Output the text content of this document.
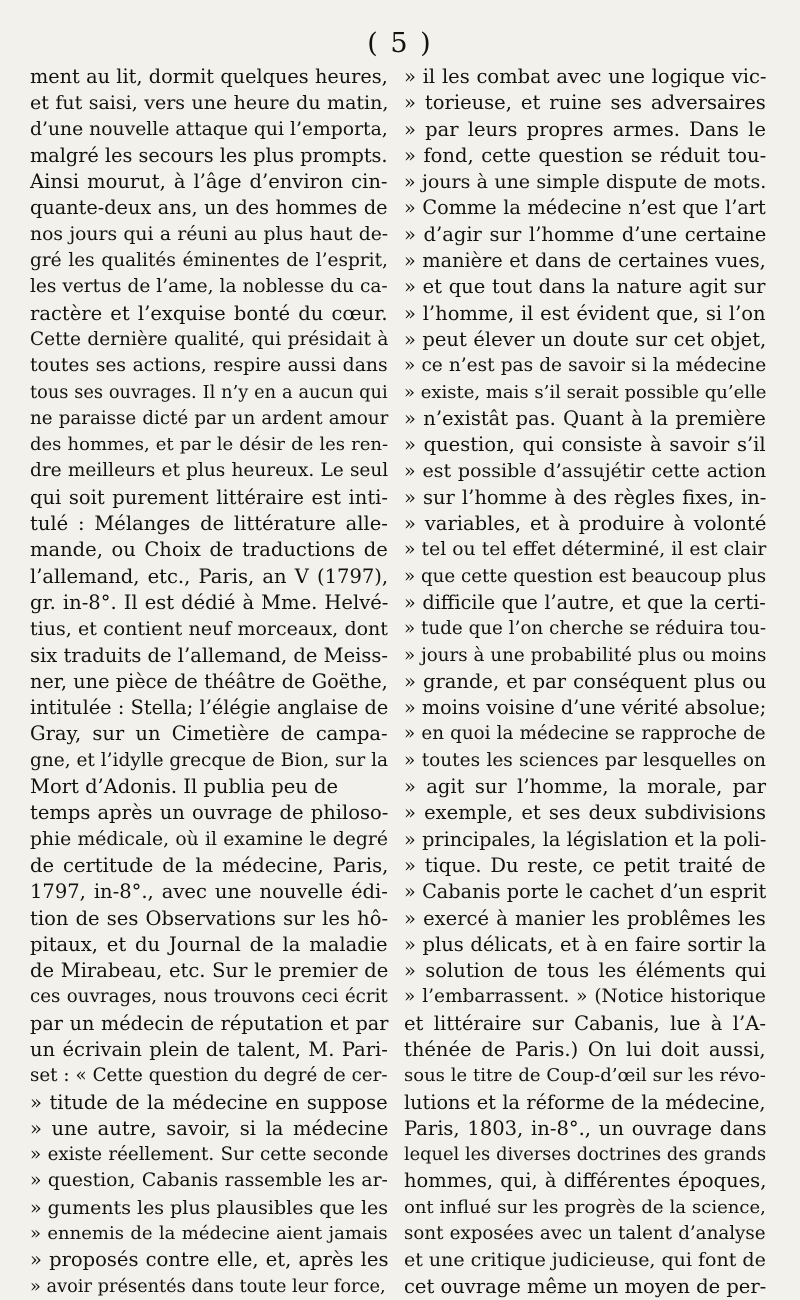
( 5 )
ment au lit, dormit quelques heures,
et fut saisi, vers une heure du matin,
d’une nouvelle attaque qui l’emporta,
malgré les secours les plus prompts.
Ainsi mourut, à l’âge d’environ cin-
quante-deux ans, un des hommes de
nos jours qui a réuni au plus haut de-
gré les qualités éminentes de l’esprit,
les vertus de l’ame, la noblesse du ca-
ractère et l’exquise bonté du cœur.
Cette dernière qualité, qui présidait à
toutes ses actions, respire aussi dans
tous ses ouvrages. Il n’y en a aucun qui
ne paraisse dicté par un ardent amour
des hommes, et par le désir de les ren-
dre meilleurs et plus heureux. Le seul
qui soit purement littéraire est inti-
tulé : Mélanges de littérature alle-
mande, ou Choix de traductions de
l’allemand, etc., Paris, an V (1797),
gr. in-8°. Il est dédié à Mme. Helvé-
tius, et contient neuf morceaux, dont
six traduits de l’allemand, de Meiss-
ner, une pièce de théâtre de Goëthe,
intitulée : Stella; l’élégie anglaise de
Gray, sur un Cimetière de campa-
gne, et l’idylle grecque de Bion, sur la
Mort d’Adonis. Il publia peu de
temps après un ouvrage de philoso-
phie médicale, où il examine le degré
de certitude de la médecine, Paris,
1797, in-8°., avec une nouvelle édi-
tion de ses Observations sur les hô-
pitaux, et du Journal de la maladie
de Mirabeau, etc. Sur le premier de
ces ouvrages, nous trouvons ceci écrit
par un médecin de réputation et par
un écrivain plein de talent, M. Pari-
set : « Cette question du degré de cer-
» titude de la médecine en suppose
» une autre, savoir, si la médecine
» existe réellement. Sur cette seconde
» question, Cabanis rassemble les ar-
» guments les plus plausibles que les
» ennemis de la médecine aient jamais
» proposés contre elle, et, après les
» avoir présentés dans toute leur force,
» il les combat avec une logique vic-
» torieuse, et ruine ses adversaires
» par leurs propres armes. Dans le
» fond, cette question se réduit tou-
» jours à une simple dispute de mots.
» Comme la médecine n’est que l’art
» d’agir sur l’homme d’une certaine
» manière et dans de certaines vues,
» et que tout dans la nature agit sur
» l’homme, il est évident que, si l’on
» peut élever un doute sur cet objet,
» ce n’est pas de savoir si la médecine
» existe, mais s’il serait possible qu’elle
» n’existât pas. Quant à la première
» question, qui consiste à savoir s’il
» est possible d’assujétir cette action
» sur l’homme à des règles fixes, in-
» variables, et à produire à volonté
» tel ou tel effet déterminé, il est clair
» que cette question est beaucoup plus
» difficile que l’autre, et que la certi-
» tude que l’on cherche se réduira tou-
» jours à une probabilité plus ou moins
» grande, et par conséquent plus ou
» moins voisine d’une vérité absolue;
» en quoi la médecine se rapproche de
» toutes les sciences par lesquelles on
» agit sur l’homme, la morale, par
» exemple, et ses deux subdivisions
» principales, la législation et la poli-
» tique. Du reste, ce petit traité de
» Cabanis porte le cachet d’un esprit
» exercé à manier les problêmes les
» plus délicats, et à en faire sortir la
» solution de tous les éléments qui
» l’embarrassent. » (Notice historique
et littéraire sur Cabanis, lue à l’A-
thénée de Paris.) On lui doit aussi,
sous le titre de Coup-d’œil sur les révo-
lutions et la réforme de la médecine,
Paris, 1803, in-8°., un ouvrage dans
lequel les diverses doctrines des grands
hommes, qui, à différentes époques,
ont influé sur les progrès de la science,
sont exposées avec un talent d’analyse
et une critique judicieuse, qui font de
cet ouvrage même un moyen de per-
